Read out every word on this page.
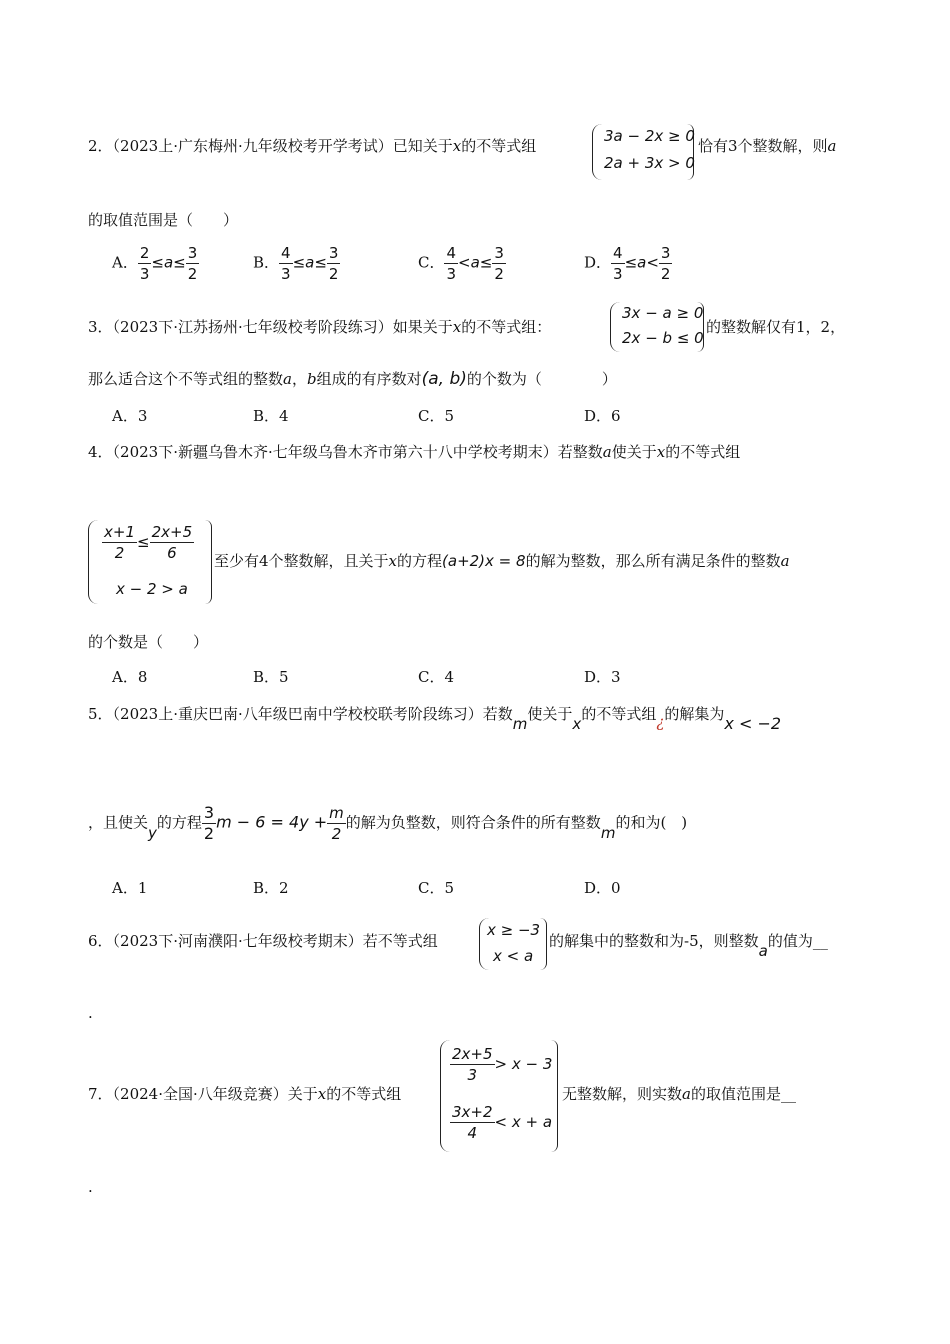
2．（2023上·广东梅州·九年级校考开学考试）已知关于x的不等式组
3a − 2x ≥ 0
2a + 3x > 0
恰有3个整数解，则a
的取值范围是（　　）
A． $\frac{2}{3} \le a\le \frac{3}{2}$	B． $\frac{4}{3} \le a\le \frac{3}{2}$	C． $\frac{4}{3} <a\le \frac{3}{2}$	D． $\frac{4}{3} \le a< \frac{3}{2}$
3．（2023下·江苏扬州·七年级校考阶段练习）如果关于x的不等式组：
3x − a ≥ 0
2x − b ≤ 0
的整数解仅有1，2，
那么适合这个不等式组的整数a，b组成的有序数对(a, b)的个数为（　　　　）
A．3	B．4	C．5	D．6
4．（2023下·新疆乌鲁木齐·七年级乌鲁木齐市第六十八中学校考期末）若整数a使关于x的不等式组
$\frac{x+1}{2} \le \frac{2x+5}{6}$
x − 2 > a
至少有4个整数解，且关于x的方程(a+2)x = 8的解为整数，那么所有满足条件的整数a
的个数是（　　）
A．8	B．5	C．4	D．3
5．（2023上·重庆巴南·八年级巴南中学校校联考阶段练习）若数m使关于x的不等式组¿的解集为x < −2
，且使关y的方程 $\frac{3}{2}$ $m - 6 = 4y + \frac{m}{2}$ 的解为负整数，则符合条件的所有整数m的和为(　)
A．1	B．2	C．5	D．0
6．（2023下·河南濮阳·七年级校考期末）若不等式组
x ≥ −3
x < a
的解集中的整数和为-5，则整数a的值为__
.
7．（2024·全国·八年级竞赛）关于x的不等式组
$\frac{2x+5}{3} > x - 3$
$\frac{3x+2}{4} < x + a$
无整数解，则实数a的取值范围是__
.
